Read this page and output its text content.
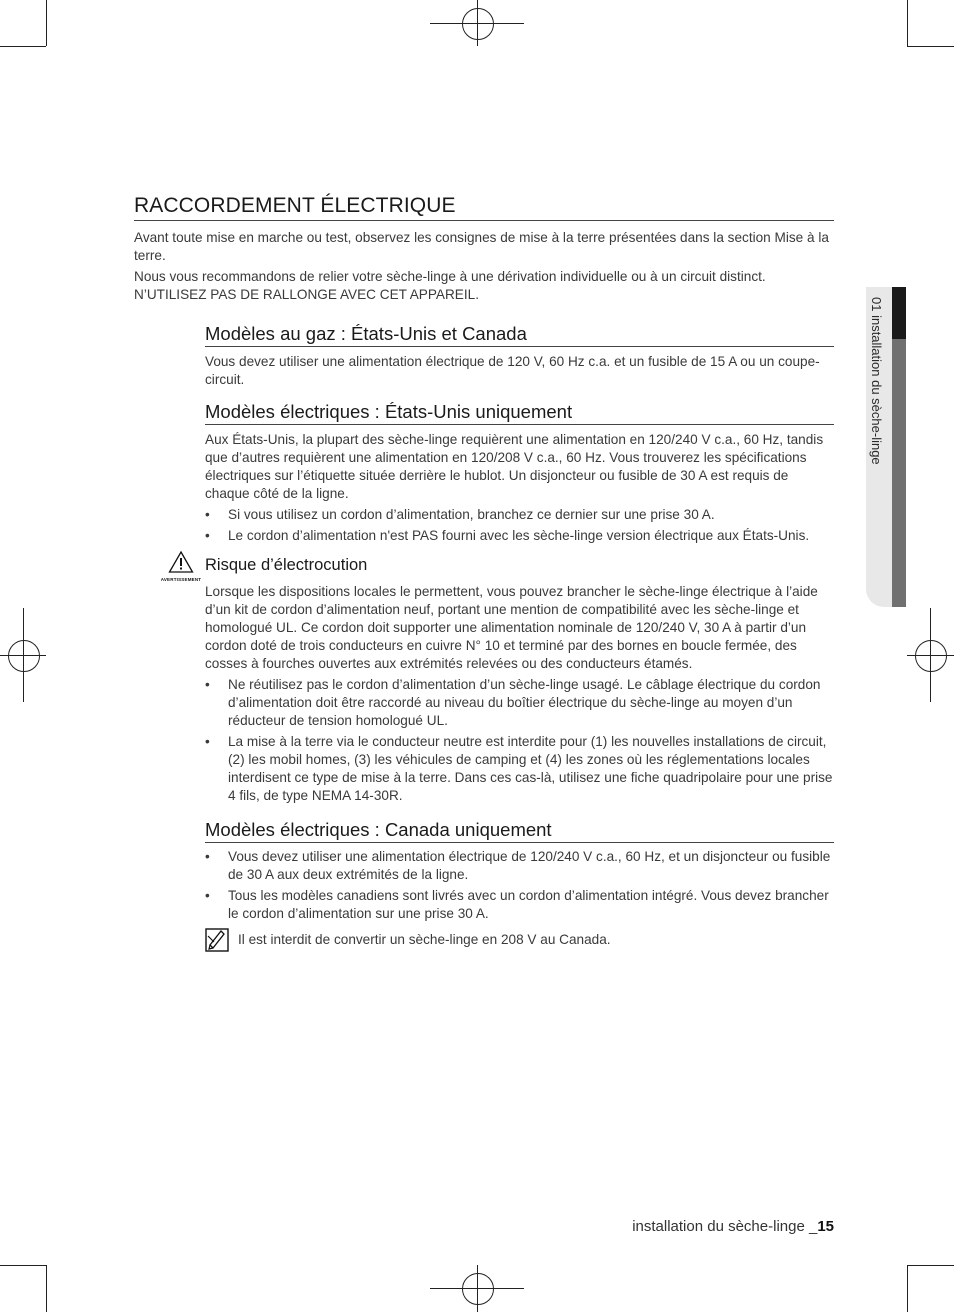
01 installation du sèche-linge
RACCORDEMENT ÉLECTRIQUE

Avant toute mise en marche ou test, observez les consignes de mise à la terre présentées dans la section Mise à la terre.

Nous vous recommandons de relier votre sèche-linge à une dérivation individuelle ou à un circuit distinct. N’UTILISEZ PAS DE RALLONGE AVEC CET APPAREIL.

Modèles au gaz : États-Unis et Canada

Vous devez utiliser une alimentation électrique de 120 V, 60 Hz c.a. et un fusible de 15 A ou un coupe-circuit.

Modèles électriques : États-Unis uniquement

Aux États-Unis, la plupart des sèche-linge requièrent une alimentation en 120/240 V c.a., 60 Hz, tandis que d’autres requièrent une alimentation en 120/208 V c.a., 60 Hz. Vous trouverez les spécifications électriques sur l’étiquette située derrière le hublot. Un disjoncteur ou fusible de 30 A est requis de chaque côté de la ligne.

• Si vous utilisez un cordon d’alimentation, branchez ce dernier sur une prise 30 A.
• Le cordon d’alimentation n'est PAS fourni avec les sèche-linge version électrique aux États-Unis.
AVERTISSEMENT
Risque d’électrocution

Lorsque les dispositions locales le permettent, vous pouvez brancher le sèche-linge électrique à l’aide d’un kit de cordon d’alimentation neuf, portant une mention de compatibilité avec les sèche-linge et homologué UL. Ce cordon doit supporter une alimentation nominale de 120/240 V, 30 A à partir d’un cordon doté de trois conducteurs en cuivre N° 10 et terminé par des bornes en boucle fermée, des cosses à fourches ouvertes aux extrémités relevées ou des conducteurs étamés.

• Ne réutilisez pas le cordon d’alimentation d’un sèche-linge usagé. Le câblage électrique du cordon d’alimentation doit être raccordé au niveau du boîtier électrique du sèche-linge au moyen d’un réducteur de tension homologué UL.
• La mise à la terre via le conducteur neutre est interdite pour (1) les nouvelles installations de circuit, (2) les mobil homes, (3) les véhicules de camping et (4) les zones où les réglementations locales interdisent ce type de mise à la terre. Dans ces cas-là, utilisez une fiche quadripolaire pour une prise 4 fils, de type NEMA 14-30R.
Modèles électriques : Canada uniquement
• Vous devez utiliser une alimentation électrique de 120/240 V c.a., 60 Hz, et un disjoncteur ou fusible de 30 A aux deux extrémités de la ligne.
• Tous les modèles canadiens sont livrés avec un cordon d’alimentation intégré. Vous devez brancher le cordon d’alimentation sur une prise 30 A.
Il est interdit de convertir un sèche-linge en 208 V au Canada.
installation du sèche-linge _15
